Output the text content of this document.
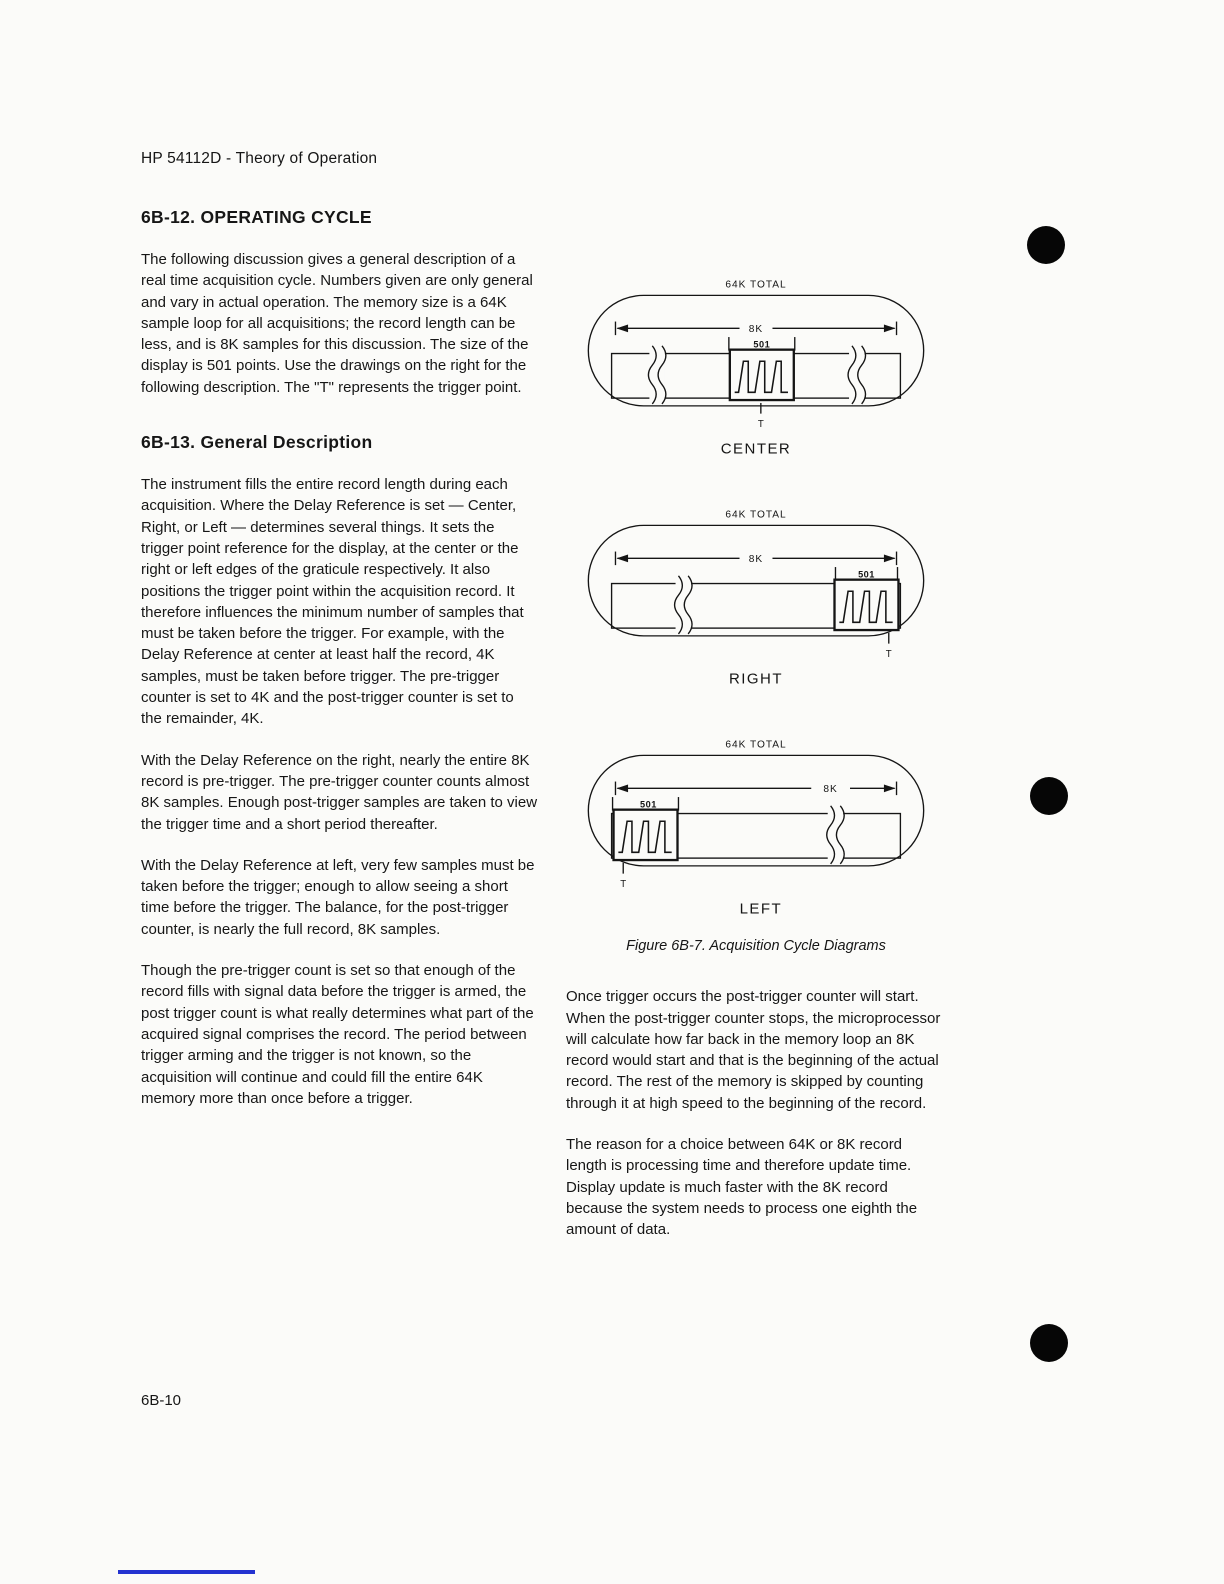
HP 54112D - Theory of Operation
6B-12. OPERATING CYCLE

The following discussion gives a general description of a real time acquisition cycle. Numbers given are only general and vary in actual operation. The memory size is a 64K sample loop for all acquisitions; the record length can be less, and is 8K samples for this discussion. The size of the display is 501 points. Use the drawings on the right for the following description. The "T" represents the trigger point.

6B-13. General Description

The instrument fills the entire record length during each acquisition. Where the Delay Reference is set — Center, Right, or Left — determines several things. It sets the trigger point reference for the display, at the center or the right or left edges of the graticule respectively. It also positions the trigger point within the acquisition record. It therefore influences the minimum number of samples that must be taken before the trigger. For example, with the Delay Reference at center at least half the record, 4K samples, must be taken before trigger. The pre-trigger counter is set to 4K and the post-trigger counter is set to the remainder, 4K.

With the Delay Reference on the right, nearly the entire 8K record is pre-trigger. The pre-trigger counter counts almost 8K samples. Enough post-trigger samples are taken to view the trigger time and a short period thereafter.

With the Delay Reference at left, very few samples must be taken before the trigger; enough to allow seeing a short time before the trigger. The balance, for the post-trigger counter, is nearly the full record, 8K samples.

Though the pre-trigger count is set so that enough of the record fills with signal data before the trigger is armed, the post trigger count is what really determines what part of the acquired signal comprises the record. The period between trigger arming and the trigger is not known, so the acquisition will continue and could fill the entire 64K memory more than once before a trigger.

64K TOTAL
8K
501
T
CENTER
64K TOTAL
8K
501
T
RIGHT
64K TOTAL
8K
501
T
LEFT
Figure 6B-7. Acquisition Cycle Diagrams

Once trigger occurs the post-trigger counter will start. When the post-trigger counter stops, the microprocessor will calculate how far back in the memory loop an 8K record would start and that is the beginning of the actual record. The rest of the memory is skipped by counting through it at high speed to the beginning of the record.

The reason for a choice between 64K or 8K record length is processing time and therefore update time. Display update is much faster with the 8K record because the system needs to process one eighth the amount of data.

6B-10
